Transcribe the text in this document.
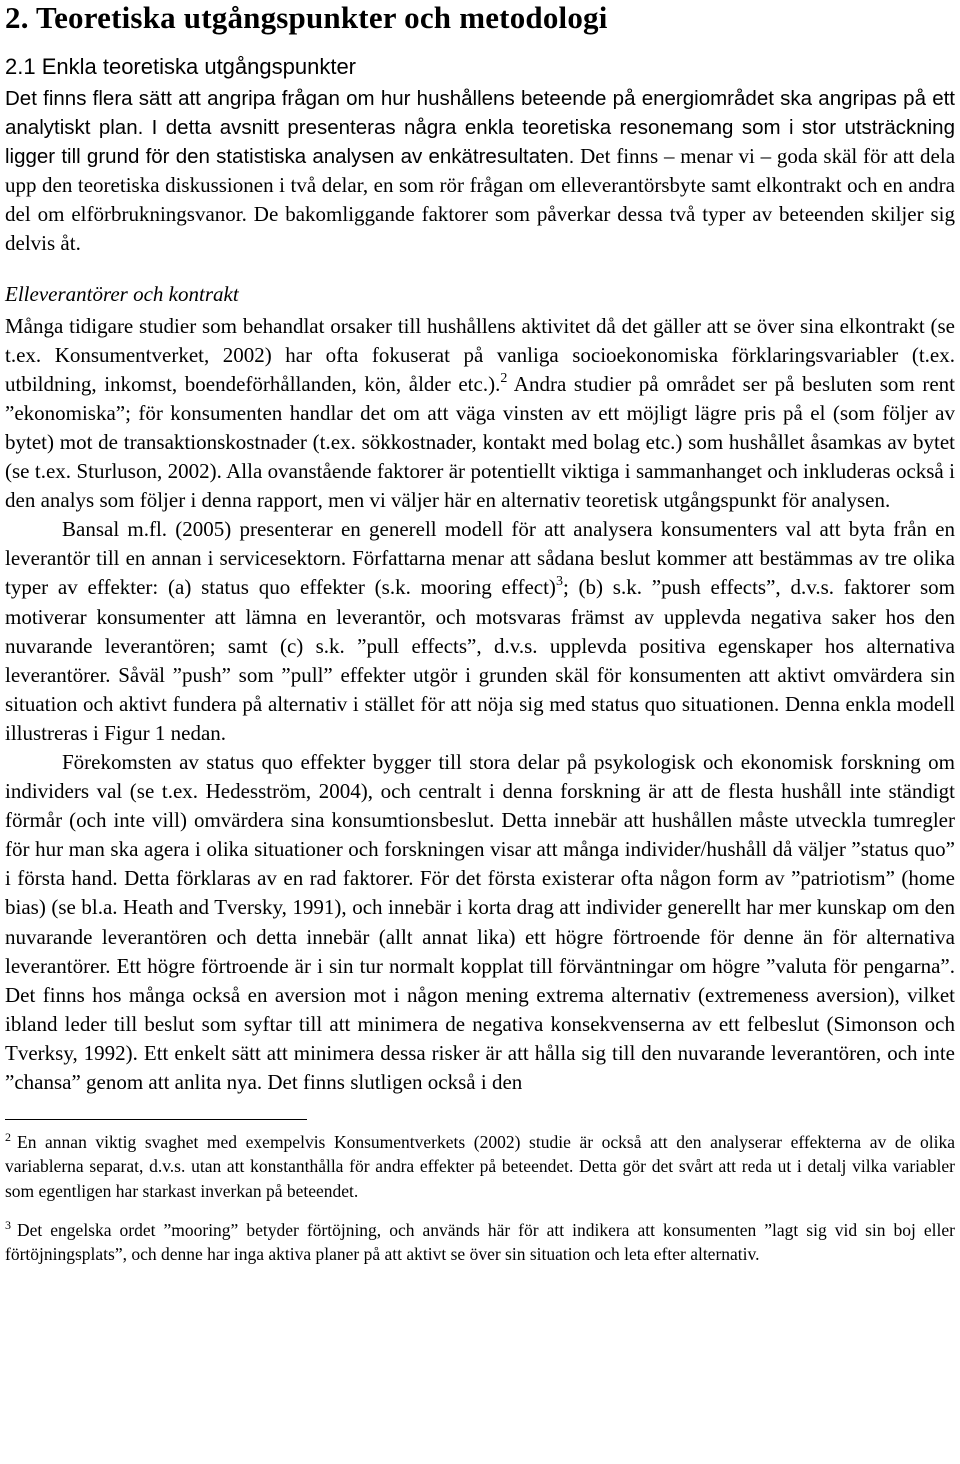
2. Teoretiska utgångspunkter och metodologi
2.1 Enkla teoretiska utgångspunkter

Det finns flera sätt att angripa frågan om hur hushållens beteende på energiområdet ska angripas på ett analytiskt plan. I detta avsnitt presenteras några enkla teoretiska resonemang som i stor utsträckning ligger till grund för den statistiska analysen av enkätresultaten. Det finns – menar vi – goda skäl för att dela upp den teoretiska diskussionen i två delar, en som rör frågan om elleverantörsbyte samt elkontrakt och en andra del om elförbrukningsvanor. De bakomliggande faktorer som påverkar dessa två typer av beteenden skiljer sig delvis åt.

Elleverantörer och kontrakt

Många tidigare studier som behandlat orsaker till hushållens aktivitet då det gäller att se över sina elkontrakt (se t.ex. Konsumentverket, 2002) har ofta fokuserat på vanliga socioekonomiska förklaringsvariabler (t.ex. utbildning, inkomst, boendeförhållanden, kön, ålder etc.).$^2$ Andra studier på området ser på besluten som rent ”ekonomiska”; för konsumenten handlar det om att väga vinsten av ett möjligt lägre pris på el (som följer av bytet) mot de transaktionskostnader (t.ex. sökkostnader, kontakt med bolag etc.) som hushållet åsamkas av bytet (se t.ex. Sturluson, 2002). Alla ovanstående faktorer är potentiellt viktiga i sammanhanget och inkluderas också i den analys som följer i denna rapport, men vi väljer här en alternativ teoretisk utgångspunkt för analysen.

Bansal m.fl. (2005) presenterar en generell modell för att analysera konsumenters val att byta från en leverantör till en annan i servicesektorn. Författarna menar att sådana beslut kommer att bestämmas av tre olika typer av effekter: (a) status quo effekter (s.k. mooring effect)$^3$; (b) s.k. ”push effects”, d.v.s. faktorer som motiverar konsumenter att lämna en leverantör, och motsvaras främst av upplevda negativa saker hos den nuvarande leverantören; samt (c) s.k. ”pull effects”, d.v.s. upplevda positiva egenskaper hos alternativa leverantörer. Såväl ”push” som ”pull” effekter utgör i grunden skäl för konsumenten att aktivt omvärdera sin situation och aktivt fundera på alternativ i stället för att nöja sig med status quo situationen. Denna enkla modell illustreras i Figur 1 nedan.

Förekomsten av status quo effekter bygger till stora delar på psykologisk och ekonomisk forskning om individers val (se t.ex. Hedesström, 2004), och centralt i denna forskning är att de flesta hushåll inte ständigt förmår (och inte vill) omvärdera sina konsumtionsbeslut. Detta innebär att hushållen måste utveckla tumregler för hur man ska agera i olika situationer och forskningen visar att många individer/hushåll då väljer ”status quo” i första hand. Detta förklaras av en rad faktorer. För det första existerar ofta någon form av ”patriotism” (home bias) (se bl.a. Heath and Tversky, 1991), och innebär i korta drag att individer generellt har mer kunskap om den nuvarande leverantören och detta innebär (allt annat lika) ett högre förtroende för denne än för alternativa leverantörer. Ett högre förtroende är i sin tur normalt kopplat till förväntningar om högre ”valuta för pengarna”. Det finns hos många också en aversion mot i någon mening extrema alternativ (extremeness aversion), vilket ibland leder till beslut som syftar till att minimera de negativa konsekvenserna av ett felbeslut (Simonson och Tverksy, 1992). Ett enkelt sätt att minimera dessa risker är att hålla sig till den nuvarande leverantören, och inte ”chansa” genom att anlita nya. Det finns slutligen också i den

$^2$ En annan viktig svaghet med exempelvis Konsumentverkets (2002) studie är också att den analyserar effekterna av de olika variablerna separat, d.v.s. utan att konstanthålla för andra effekter på beteendet. Detta gör det svårt att reda ut i detalj vilka variabler som egentligen har starkast inverkan på beteendet.

$^3$ Det engelska ordet ”mooring” betyder förtöjning, och används här för att indikera att konsumenten ”lagt sig vid sin boj eller förtöjningsplats”, och denne har inga aktiva planer på att aktivt se över sin situation och leta efter alternativ.
